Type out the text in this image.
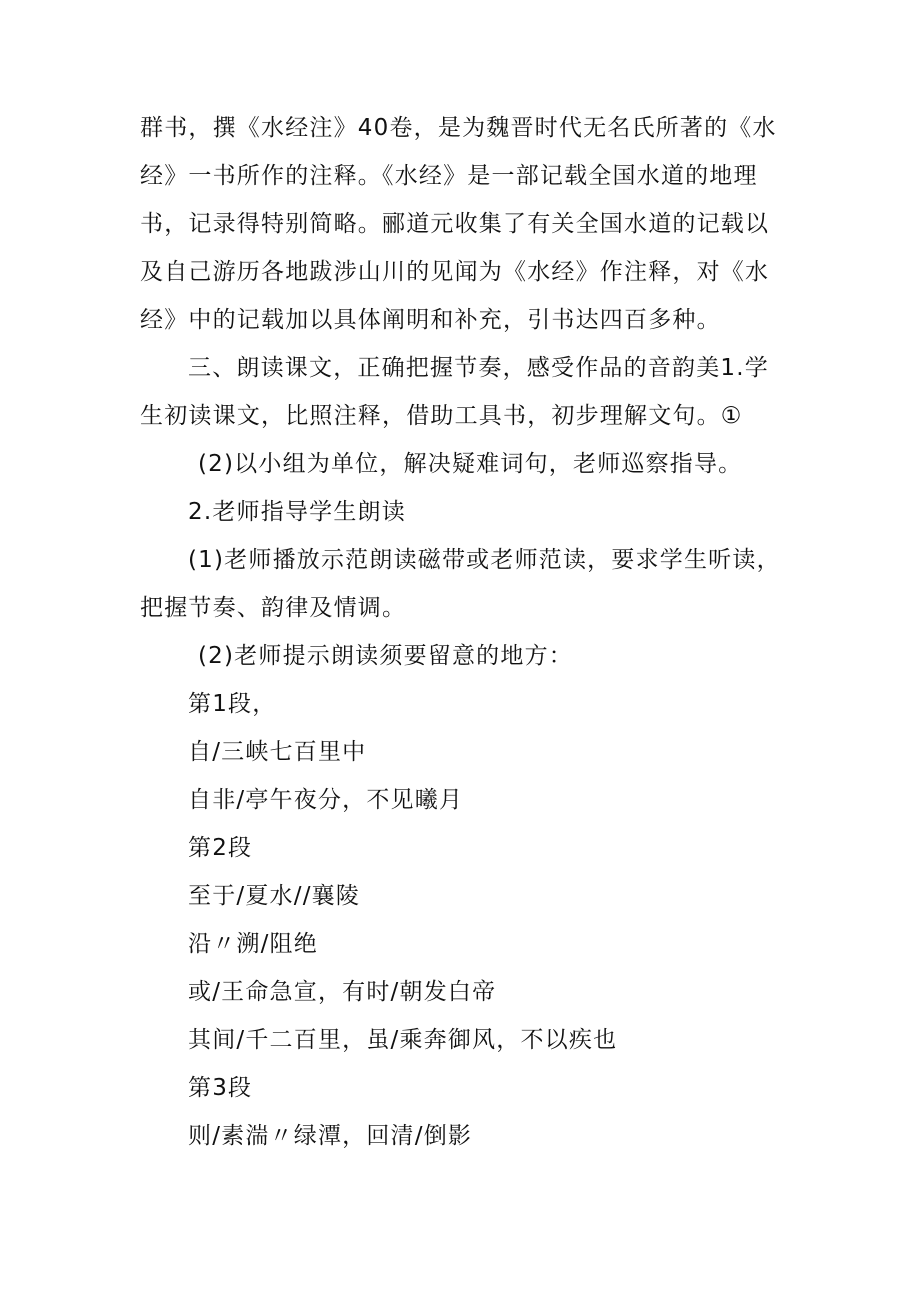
群书，撰《水经注》40卷，是为魏晋时代无名氏所著的《水经》一书所作的注释。《水经》是一部记载全国水道的地理书，记录得特别简略。郦道元收集了有关全国水道的记载以及自己游历各地跋涉山川的见闻为《水经》作注释，对《水经》中的记载加以具体阐明和补充，引书达四百多种。

三、朗读课文，正确把握节奏，感受作品的音韵美1.学生初读课文，比照注释，借助工具书，初步理解文句。①

(2)以小组为单位，解决疑难词句，老师巡察指导。

2.老师指导学生朗读

(1)老师播放示范朗读磁带或老师范读，要求学生听读，把握节奏、韵律及情调。

(2)老师提示朗读须要留意的地方：

第1段，

自/三峡七百里中

自非/亭午夜分，不见曦月

第2段

至于/夏水//襄陵

沿〃溯/阻绝

或/王命急宣，有时/朝发白帝

其间/千二百里，虽/乘奔御风，不以疾也

第3段

则/素湍〃绿潭，回清/倒影
